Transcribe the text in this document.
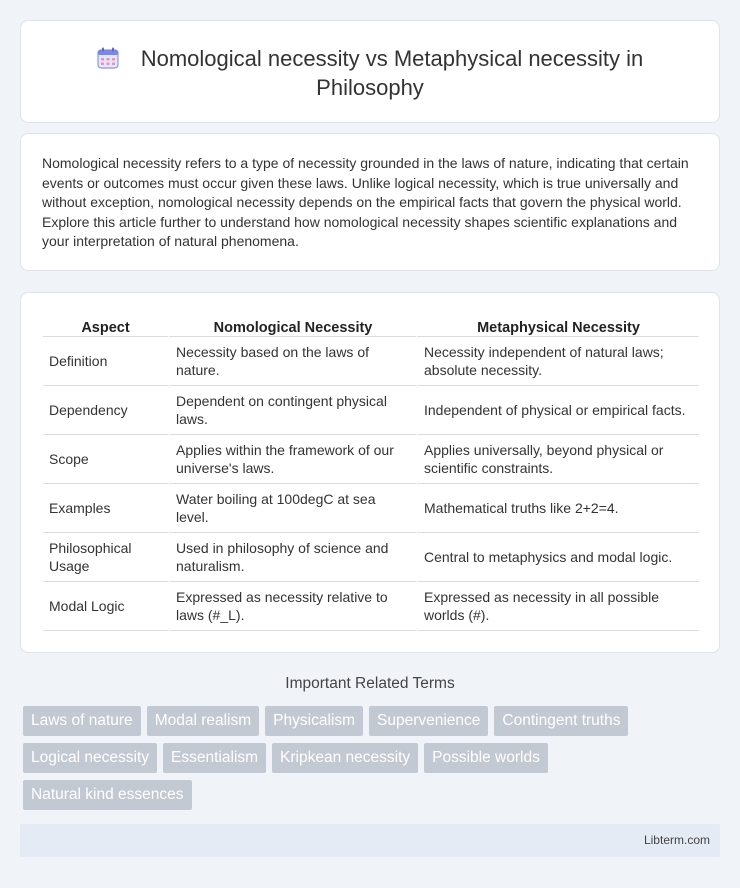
Nomological necessity vs Metaphysical necessity in Philosophy

Nomological necessity refers to a type of necessity grounded in the laws of nature, indicating that certain events or outcomes must occur given these laws. Unlike logical necessity, which is true universally and without exception, nomological necessity depends on the empirical facts that govern the physical world. Explore this article further to understand how nomological necessity shapes scientific explanations and your interpretation of natural phenomena.

Aspect	Nomological Necessity	Metaphysical Necessity
Definition	Necessity based on the laws of nature.	Necessity independent of natural laws; absolute necessity.
Dependency	Dependent on contingent physical laws.	Independent of physical or empirical facts.
Scope	Applies within the framework of our universe's laws.	Applies universally, beyond physical or scientific constraints.
Examples	Water boiling at 100degC at sea level.	Mathematical truths like 2+2=4.
Philosophical Usage	Used in philosophy of science and naturalism.	Central to metaphysics and modal logic.
Modal Logic	Expressed as necessity relative to laws (#_L).	Expressed as necessity in all possible worlds (#).
Important Related Terms
Laws of nature	Modal realism	Physicalism	Supervenience	Contingent truths
Logical necessity	Essentialism	Kripkean necessity	Possible worlds
Natural kind essences
Libterm.com
